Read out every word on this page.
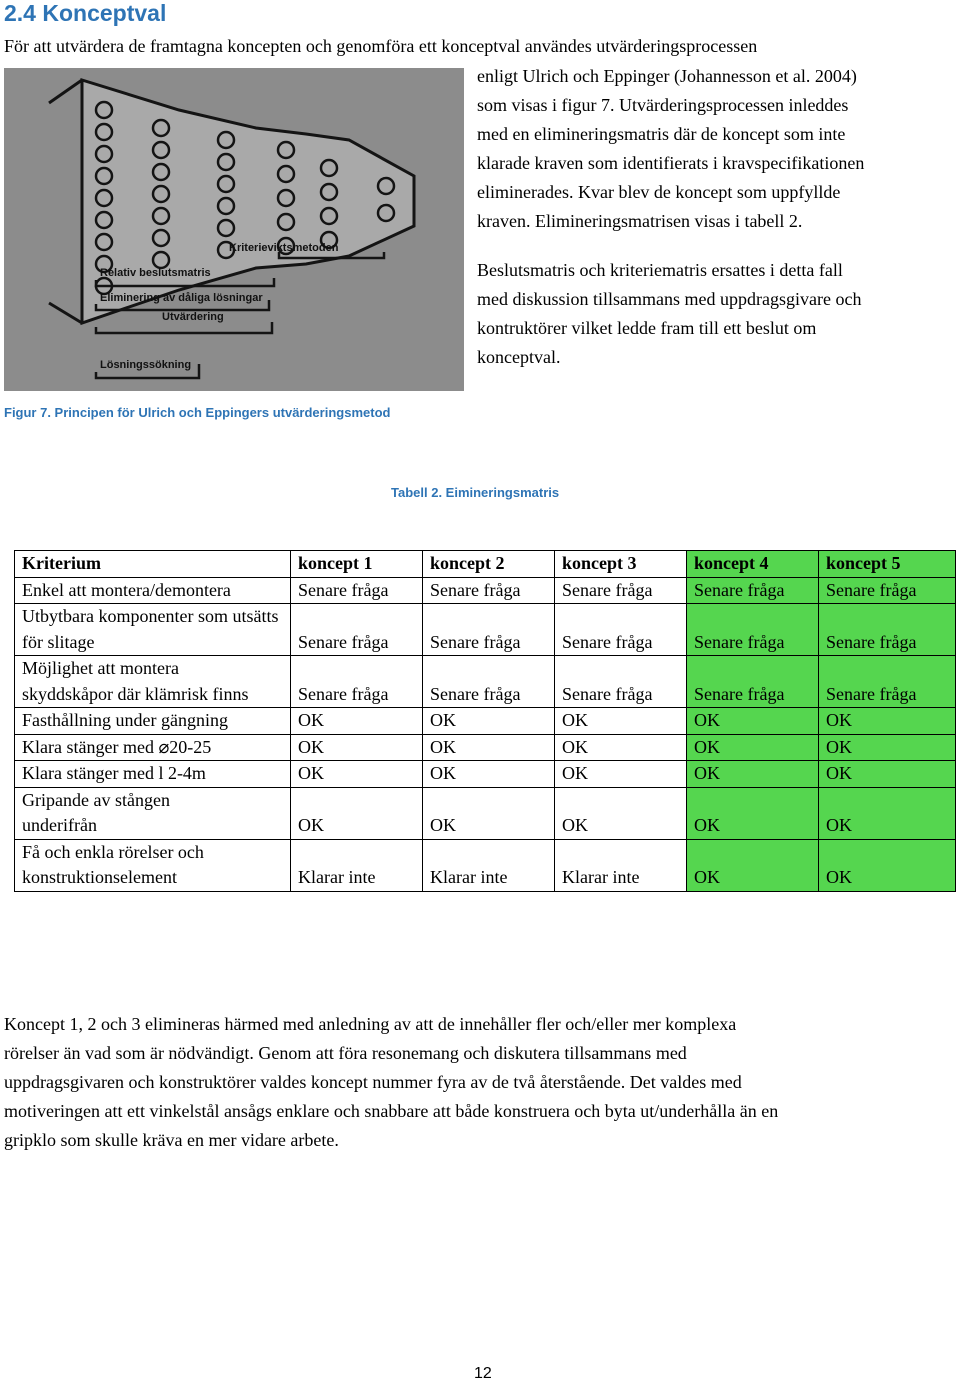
2.4 Konceptval

För att utvärdera de framtagna koncepten och genomföra ett konceptval användes utvärderingsprocessen

Kriterieviktsmetoden
Relativ beslutsmatris
Eliminering av dåliga lösningar
Utvärdering
Lösningssökning

enligt Ulrich och Eppinger (Johannesson et al. 2004)

som visas i figur 7. Utvärderingsprocessen inleddes

med en elimineringsmatris där de koncept som inte

klarade kraven som identifierats i kravspecifikationen

eliminerades. Kvar blev de koncept som uppfyllde

kraven. Elimineringsmatrisen visas i tabell 2.

Beslutsmatris och kriteriematris ersattes i detta fall

med diskussion tillsammans med uppdragsgivare och

kontruktörer vilket ledde fram till ett beslut om

konceptval.

Figur 7. Principen för Ulrich och Eppingers utvärderingsmetod

Tabell 2. Eimineringsmatris

Kriterium	koncept 1	koncept 2	koncept 3	koncept 4	koncept 5
Enkel att montera/demontera	Senare fråga	Senare fråga	Senare fråga	Senare fråga	Senare fråga
Utbytbara komponenter som utsätts för slitage	Senare fråga	Senare fråga	Senare fråga	Senare fråga	Senare fråga
Möjlighet att montera skyddskåpor där klämrisk finns	Senare fråga	Senare fråga	Senare fråga	Senare fråga	Senare fråga
Fasthållning under gängning	OK	OK	OK	OK	OK
Klara stänger med ⌀20-25	OK	OK	OK	OK	OK
Klara stänger med l 2-4m	OK	OK	OK	OK	OK
Gripande av stången underifrån	OK	OK	OK	OK	OK
Få och enkla rörelser och konstruktionselement	Klarar inte	Klarar inte	Klarar inte	OK	OK

Koncept 1, 2 och 3 elimineras härmed med anledning av att de innehåller fler och/eller mer komplexa

rörelser än vad som är nödvändigt. Genom att föra resonemang och diskutera tillsammans med

uppdragsgivaren och konstruktörer valdes koncept nummer fyra av de två återstående. Det valdes med

motiveringen att ett vinkelstål ansågs enklare och snabbare att både konstruera och byta ut/underhålla än en

gripklo som skulle kräva en mer vidare arbete.

12
